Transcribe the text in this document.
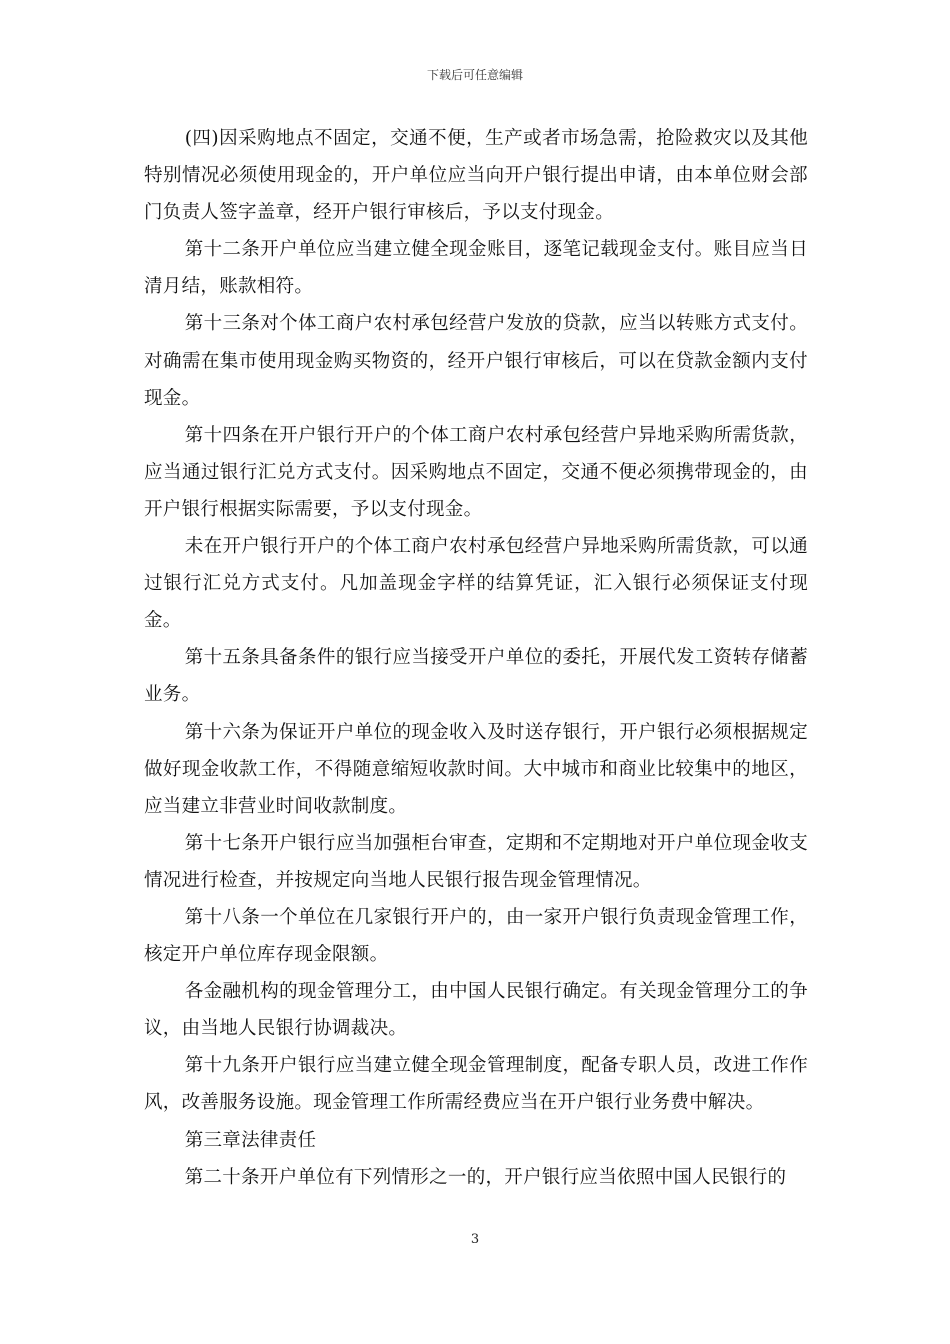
下载后可任意编辑

(四)因采购地点不固定，交通不便，生产或者市场急需，抢险救灾以及其他特别情况必须使用现金的，开户单位应当向开户银行提出申请，由本单位财会部门负责人签字盖章，经开户银行审核后，予以支付现金。

第十二条开户单位应当建立健全现金账目，逐笔记载现金支付。账目应当日清月结，账款相符。

第十三条对个体工商户农村承包经营户发放的贷款，应当以转账方式支付。对确需在集市使用现金购买物资的，经开户银行审核后，可以在贷款金额内支付现金。

第十四条在开户银行开户的个体工商户农村承包经营户异地采购所需货款，应当通过银行汇兑方式支付。因采购地点不固定，交通不便必须携带现金的，由开户银行根据实际需要，予以支付现金。

未在开户银行开户的个体工商户农村承包经营户异地采购所需货款，可以通过银行汇兑方式支付。凡加盖现金字样的结算凭证，汇入银行必须保证支付现金。

第十五条具备条件的银行应当接受开户单位的委托，开展代发工资转存储蓄业务。

第十六条为保证开户单位的现金收入及时送存银行，开户银行必须根据规定做好现金收款工作，不得随意缩短收款时间。大中城市和商业比较集中的地区，应当建立非营业时间收款制度。

第十七条开户银行应当加强柜台审查，定期和不定期地对开户单位现金收支情况进行检查，并按规定向当地人民银行报告现金管理情况。

第十八条一个单位在几家银行开户的，由一家开户银行负责现金管理工作，核定开户单位库存现金限额。

各金融机构的现金管理分工，由中国人民银行确定。有关现金管理分工的争议，由当地人民银行协调裁决。

第十九条开户银行应当建立健全现金管理制度，配备专职人员，改进工作作风，改善服务设施。现金管理工作所需经费应当在开户银行业务费中解决。

第三章法律责任

第二十条开户单位有下列情形之一的，开户银行应当依照中国人民银行的

3
